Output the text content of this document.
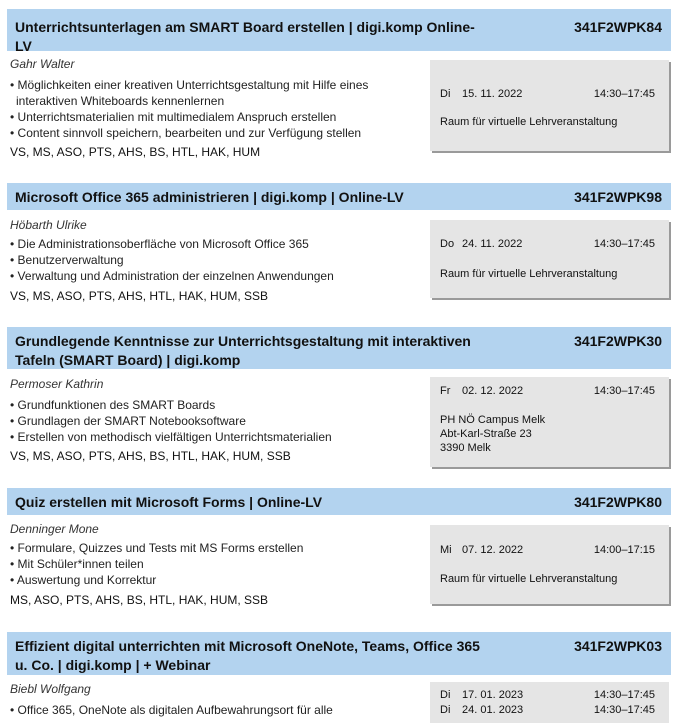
Unterrichtsunterlagen am SMART Board erstellen | digi.komp Online-LV
341F2WPK84
Gahr Walter
• Möglichkeiten einer kreativen Unterrichtsgestaltung mit Hilfe eines interaktiven Whiteboards kennenlernen
• Unterrichtsmaterialien mit multimedialem Anspruch erstellen
• Content sinnvoll speichern, bearbeiten und zur Verfügung stellen
VS, MS, ASO, PTS, AHS, BS, HTL, HAK, HUM
Di	15. 11. 2022	14:30–17:45
Raum für virtuelle Lehrveranstaltung
Microsoft Office 365 administrieren | digi.komp | Online-LV	341F2WPK98
Höbarth Ulrike
• Die Administrationsoberfläche von Microsoft Office 365
• Benutzerverwaltung
• Verwaltung und Administration der einzelnen Anwendungen
VS, MS, ASO, PTS, AHS, HTL, HAK, HUM, SSB
Do 24. 11. 2022	14:30–17:45
Raum für virtuelle Lehrveranstaltung
Grundlegende Kenntnisse zur Unterrichtsgestaltung mit interaktiven Tafeln (SMART Board) | digi.komp
341F2WPK30
Permoser Kathrin
• Grundfunktionen des SMART Boards
• Grundlagen der SMART Notebooksoftware
• Erstellen von methodisch vielfältigen Unterrichtsmaterialien
VS, MS, ASO, PTS, AHS, BS, HTL, HAK, HUM, SSB
Fr	02. 12. 2022	14:30–17:45
PH NÖ Campus Melk
Abt-Karl-Straße 23
3390 Melk
Quiz erstellen mit Microsoft Forms | Online-LV	341F2WPK80
Denninger Mone
• Formulare, Quizzes und Tests mit MS Forms erstellen
• Mit Schüler*innen teilen
• Auswertung und Korrektur
MS, ASO, PTS, AHS, BS, HTL, HAK, HUM, SSB
Mi 07. 12. 2022	14:00–17:15
Raum für virtuelle Lehrveranstaltung
Effizient digital unterrichten mit Microsoft OneNote, Teams, Office 365 u. Co. | digi.komp | + Webinar
341F2WPK03
Biebl Wolfgang
• Office 365, OneNote als digitalen Aufbewahrungsort für alle
Di	17. 01. 2023	14:30–17:45
Di	24. 01. 2023	14:30–17:45
